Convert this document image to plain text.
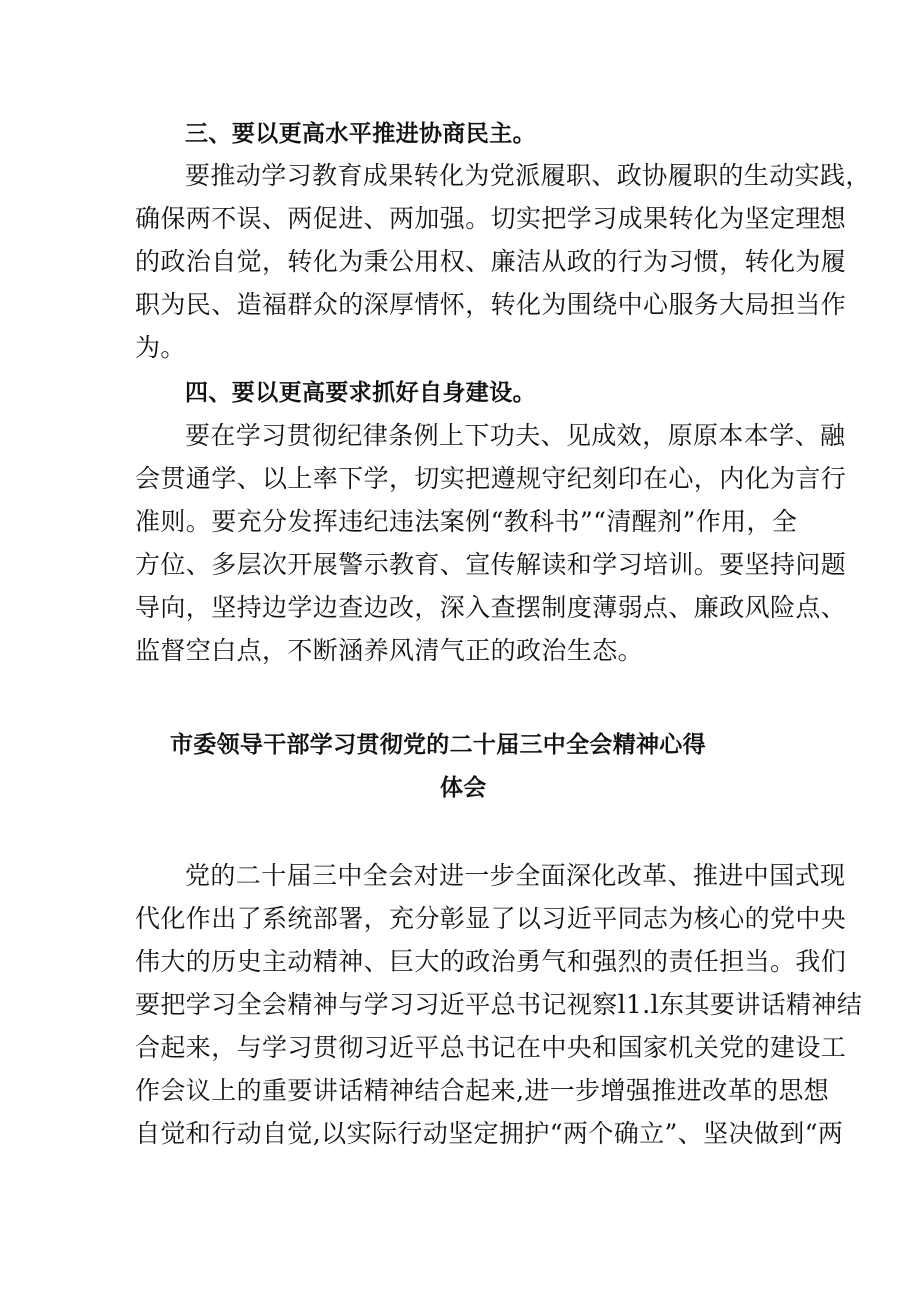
三、要以更高水平推进协商民主。
要推动学习教育成果转化为党派履职、政协履职的生动实践，
确保两不误、两促进、两加强。切实把学习成果转化为坚定理想
的政治自觉，转化为秉公用权、廉洁从政的行为习惯，转化为履
职为民、造福群众的深厚情怀，转化为围绕中心服务大局担当作
为。
四、要以更高要求抓好自身建设。
要在学习贯彻纪律条例上下功夫、见成效，原原本本学、融
会贯通学、以上率下学，切实把遵规守纪刻印在心，内化为言行
准则。要充分发挥违纪违法案例“教科书”“清醒剂”作用，全
方位、多层次开展警示教育、宣传解读和学习培训。要坚持问题
导向，坚持边学边查边改，深入查摆制度薄弱点、廉政风险点、
监督空白点，不断涵养风清气正的政治生态。
市委领导干部学习贯彻党的二十届三中全会精神心得
体会
党的二十届三中全会对进一步全面深化改革、推进中国式现
代化作出了系统部署，充分彰显了以习近平同志为核心的党中央
伟大的历史主动精神、巨大的政治勇气和强烈的责任担当。我们
要把学习全会精神与学习习近平总书记视察l1.l东其要讲话精神结
合起来，与学习贯彻习近平总书记在中央和国家机关党的建设工
作会议上的重要讲话精神结合起来,进一步增强推进改革的思想
自觉和行动自觉,以实际行动坚定拥护“两个确立”、坚决做到“两
